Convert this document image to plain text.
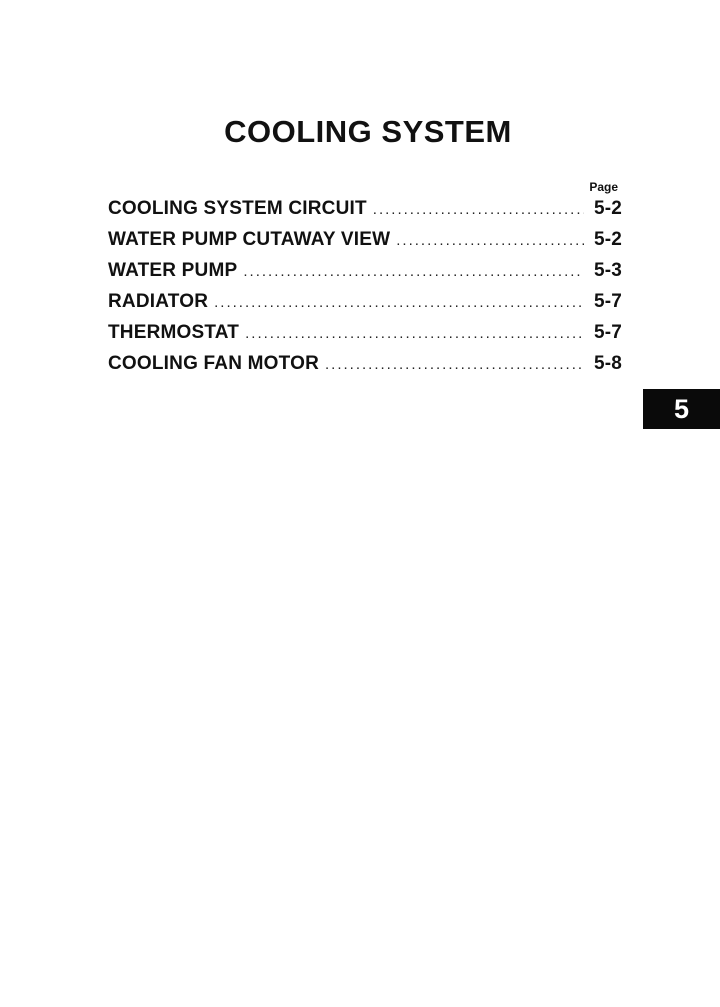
COOLING SYSTEM
Page
COOLING SYSTEM CIRCUIT .....	5-2
WATER PUMP CUTAWAY VIEW .....	5-2
WATER PUMP .....	5-3
RADIATOR .....	5-7
THERMOSTAT .....	5-7
COOLING FAN MOTOR .....	5-8
5
